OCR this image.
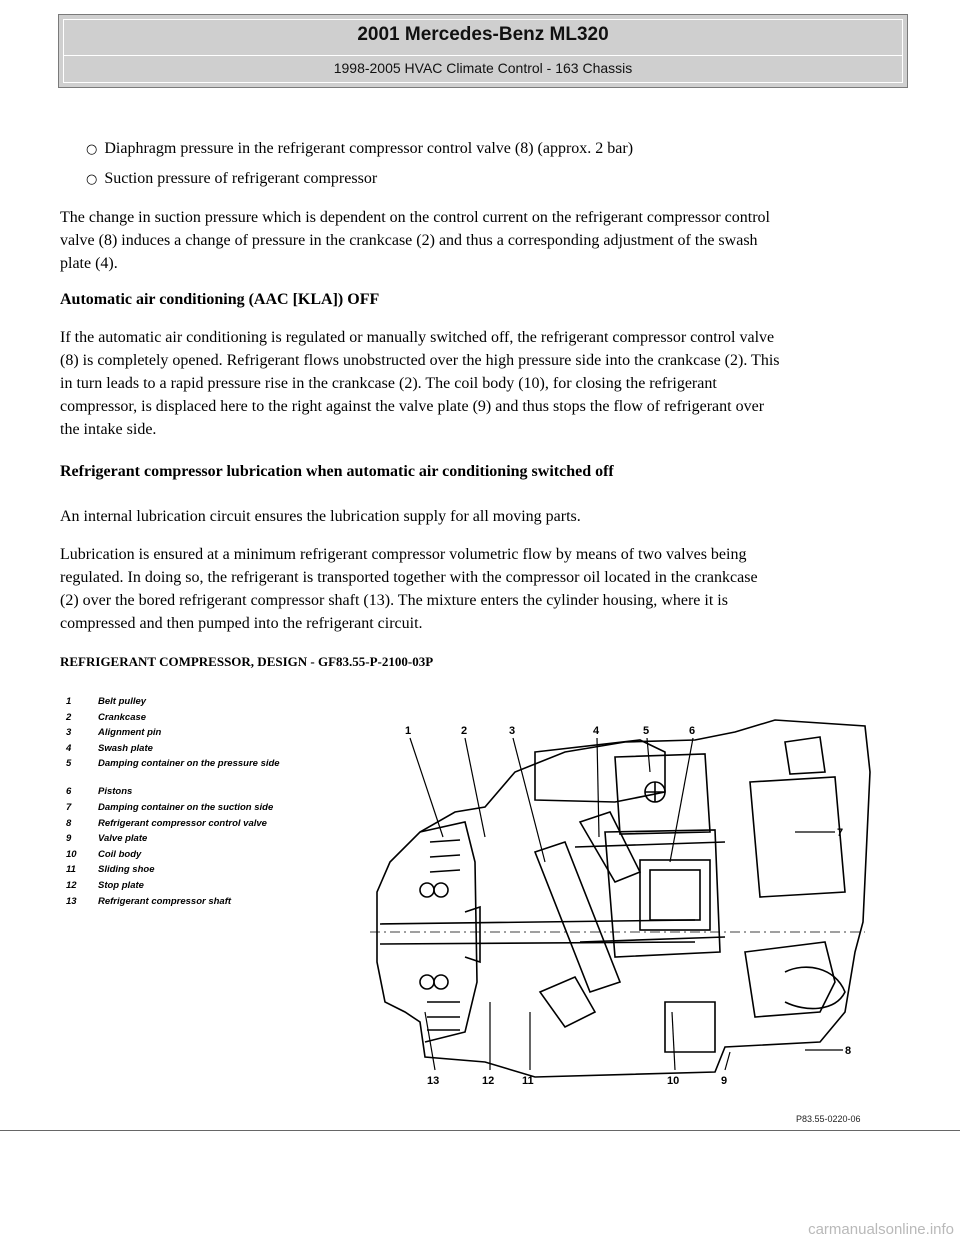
2001 Mercedes-Benz ML320
1998-2005 HVAC Climate Control - 163 Chassis
○ Diaphragm pressure in the refrigerant compressor control valve (8) (approx. 2 bar)
○ Suction pressure of refrigerant compressor
The change in suction pressure which is dependent on the control current on the refrigerant compressor control
valve (8) induces a change of pressure in the crankcase (2) and thus a corresponding adjustment of the swash
plate (4).
Automatic air conditioning (AAC [KLA]) OFF
If the automatic air conditioning is regulated or manually switched off, the refrigerant compressor control valve
(8) is completely opened. Refrigerant flows unobstructed over the high pressure side into the crankcase (2). This
in turn leads to a rapid pressure rise in the crankcase (2). The coil body (10), for closing the refrigerant
compressor, is displaced here to the right against the valve plate (9) and thus stops the flow of refrigerant over
the intake side.
Refrigerant compressor lubrication when automatic air conditioning switched off
An internal lubrication circuit ensures the lubrication supply for all moving parts.
Lubrication is ensured at a minimum refrigerant compressor volumetric flow by means of two valves being
regulated. In doing so, the refrigerant is transported together with the compressor oil located in the crankcase
(2) over the bored refrigerant compressor shaft (13). The mixture enters the cylinder housing, where it is
compressed and then pumped into the refrigerant circuit.
REFRIGERANT COMPRESSOR, DESIGN - GF83.55-P-2100-03P
1	Belt pulley
2	Crankcase
3	Alignment pin
4	Swash plate
5	Damping container on the pressure side
6	Pistons
7	Damping container on the suction side
8	Refrigerant compressor control valve
9	Valve plate
10	Coil body
11	Sliding shoe
12	Stop plate
13	Refrigerant compressor shaft
1	2	3	4	5	6
7
8
9
10
11
12
13
P83.55-0220-06
carmanualsonline.info
